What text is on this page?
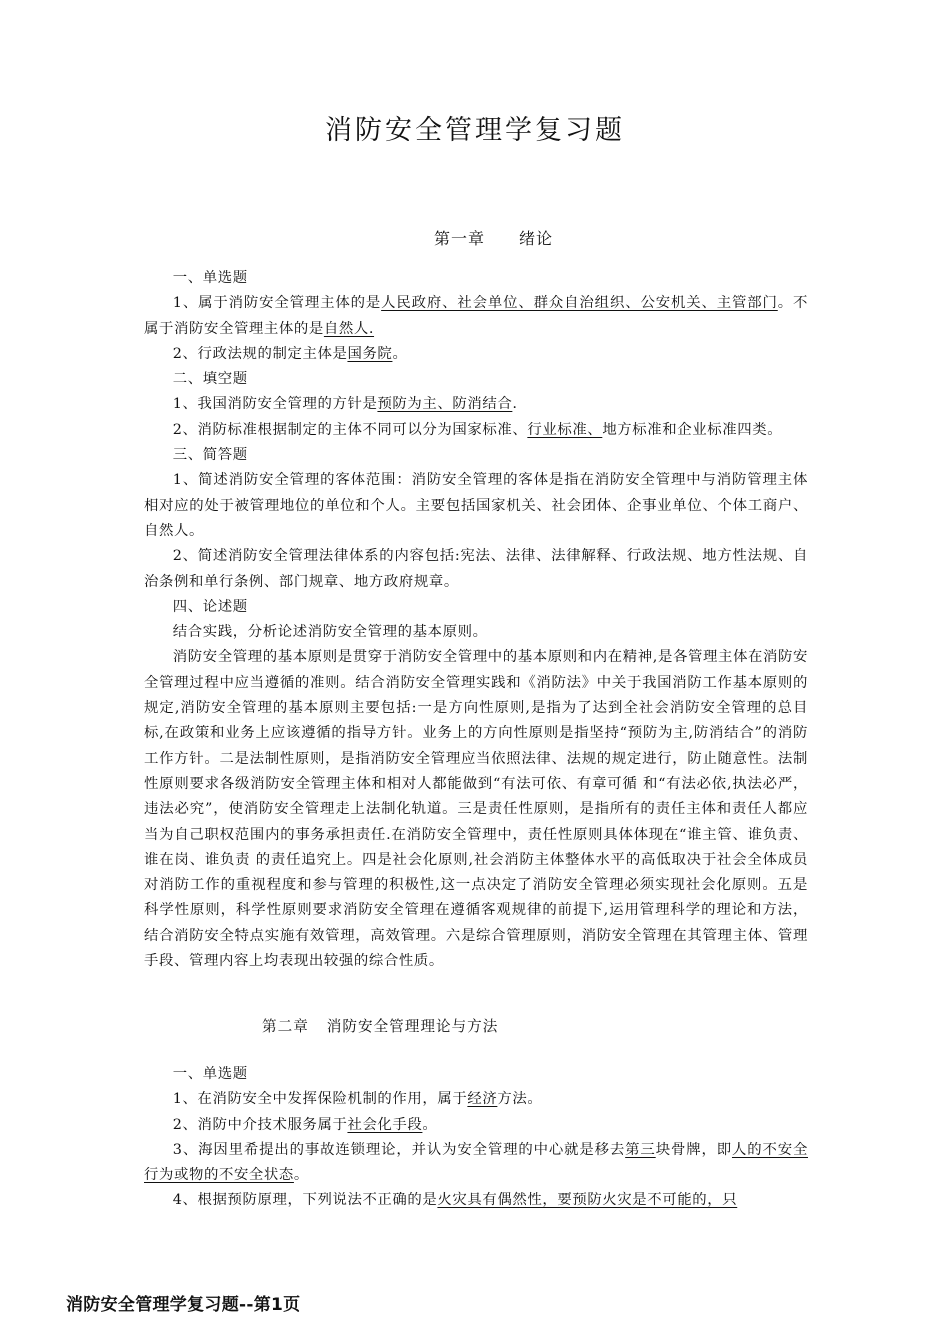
消防安全管理学复习题
第一章 绪论

一、单选题

1、属于消防安全管理主体的是人民政府、社会单位、群众自治组织、公安机关、主管部门。不属于消防安全管理主体的是自然人.

2、行政法规的制定主体是国务院。

二、填空题

1、我国消防安全管理的方针是预防为主、防消结合.

2、消防标准根据制定的主体不同可以分为国家标准、行业标准、地方标准和企业标准四类。

三、简答题

1、简述消防安全管理的客体范围：消防安全管理的客体是指在消防安全管理中与消防管理主体相对应的处于被管理地位的单位和个人。主要包括国家机关、社会团体、企事业单位、个体工商户、自然人。

2、简述消防安全管理法律体系的内容包括:宪法、法律、法律解释、行政法规、地方性法规、自治条例和单行条例、部门规章、地方政府规章。

四、论述题

结合实践，分析论述消防安全管理的基本原则。

消防安全管理的基本原则是贯穿于消防安全管理中的基本原则和内在精神,是各管理主体在消防安全管理过程中应当遵循的准则。结合消防安全管理实践和《消防法》中关于我国消防工作基本原则的规定,消防安全管理的基本原则主要包括:一是方向性原则,是指为了达到全社会消防安全管理的总目标,在政策和业务上应该遵循的指导方针。业务上的方向性原则是指坚持“预防为主,防消结合”的消防工作方针。二是法制性原则，是指消防安全管理应当依照法律、法规的规定进行，防止随意性。法制性原则要求各级消防安全管理主体和相对人都能做到“有法可依、有章可循 和“有法必依,执法必严，违法必究”，使消防安全管理走上法制化轨道。三是责任性原则，是指所有的责任主体和责任人都应当为自己职权范围内的事务承担责任.在消防安全管理中，责任性原则具体体现在“谁主管、谁负责、谁在岗、谁负责 的责任追究上。四是社会化原则,社会消防主体整体水平的高低取决于社会全体成员对消防工作的重视程度和参与管理的积极性,这一点决定了消防安全管理必须实现社会化原则。五是科学性原则，科学性原则要求消防安全管理在遵循客观规律的前提下,运用管理科学的理论和方法，结合消防安全特点实施有效管理，高效管理。六是综合管理原则，消防安全管理在其管理主体、管理手段、管理内容上均表现出较强的综合性质。

第二章 消防安全管理理论与方法

一、单选题

1、在消防安全中发挥保险机制的作用，属于经济方法。

2、消防中介技术服务属于社会化手段。

3、海因里希提出的事故连锁理论，并认为安全管理的中心就是移去第三块骨牌，即人的不安全行为或物的不安全状态。

4、根据预防原理，下列说法不正确的是火灾具有偶然性，要预防火灾是不可能的，只

消防安全管理学复习题--第1页
